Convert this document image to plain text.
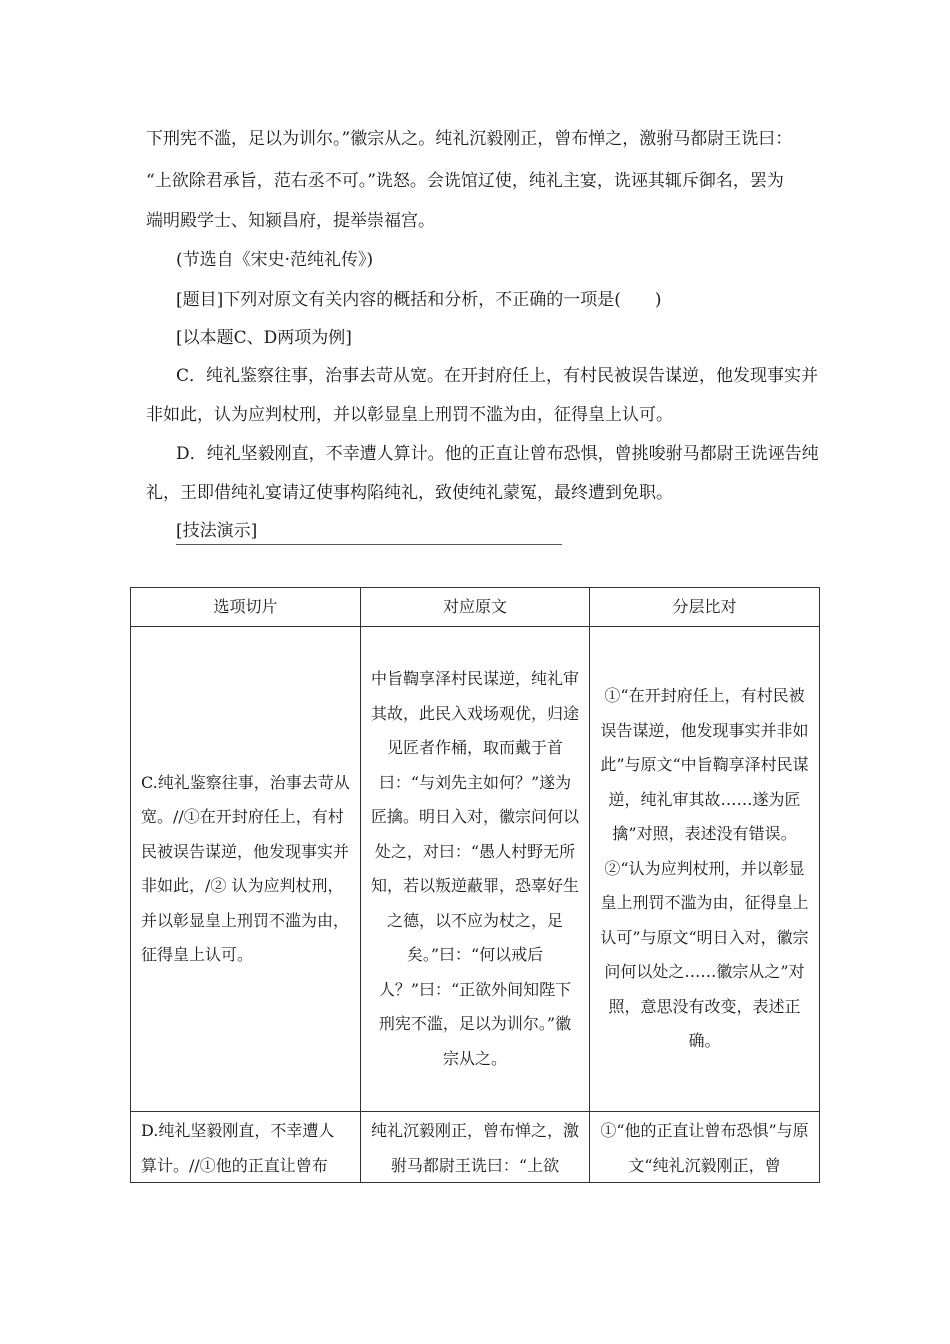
下刑宪不滥，足以为训尔。”徽宗从之。纯礼沉毅刚正，曾布惮之，激驸马都尉王诜曰：
“上欲除君承旨，范右丞不可。”诜怒。会诜馆辽使，纯礼主宴，诜诬其辄斥御名，罢为
端明殿学士、知颍昌府，提举崇福宫。
(节选自《宋史·范纯礼传》)
[题目]下列对原文有关内容的概括和分析，不正确的一项是(　　)
[以本题C、D两项为例]
C．纯礼鉴察往事，治事去苛从宽。在开封府任上，有村民被误告谋逆，他发现事实并
非如此，认为应判杖刑，并以彰显皇上刑罚不滥为由，征得皇上认可。
D．纯礼坚毅刚直，不幸遭人算计。他的正直让曾布恐惧，曾挑唆驸马都尉王诜诬告纯
礼，王即借纯礼宴请辽使事构陷纯礼，致使纯礼蒙冤，最终遭到免职。
[技法演示]
选项切片	对应原文	分层比对
C.纯礼鉴察往事，治事去苛从宽。//①在开封府任上，有村民被误告谋逆，他发现事实并非如此，/② 认为应判杖刑，并以彰显皇上刑罚不滥为由，征得皇上认可。	中旨鞫享泽村民谋逆，纯礼审其故，此民入戏场观优，归途见匠者作桶，取而戴于首曰：“与刘先主如何？”遂为匠擒。明日入对，徽宗问何以处之，对曰：“愚人村野无所知，若以叛逆蔽罪，恐辜好生之德，以不应为杖之，足矣。”曰：“何以戒后人？”曰：“正欲外间知陛下刑宪不滥，足以为训尔。”徽宗从之。	①“在开封府任上，有村民被误告谋逆，他发现事实并非如此”与原文“中旨鞫享泽村民谋逆，纯礼审其故……遂为匠擒”对照，表述没有错误。②“认为应判杖刑，并以彰显皇上刑罚不滥为由，征得皇上认可”与原文“明日入对，徽宗问何以处之……徽宗从之”对照，意思没有改变，表述正确。

D.纯礼坚毅刚直，不幸遭人算计。//①他的正直让曾布	纯礼沉毅刚正，曾布惮之，激驸马都尉王诜曰：“上欲	①“他的正直让曾布恐惧”与原文“纯礼沉毅刚正，曾
